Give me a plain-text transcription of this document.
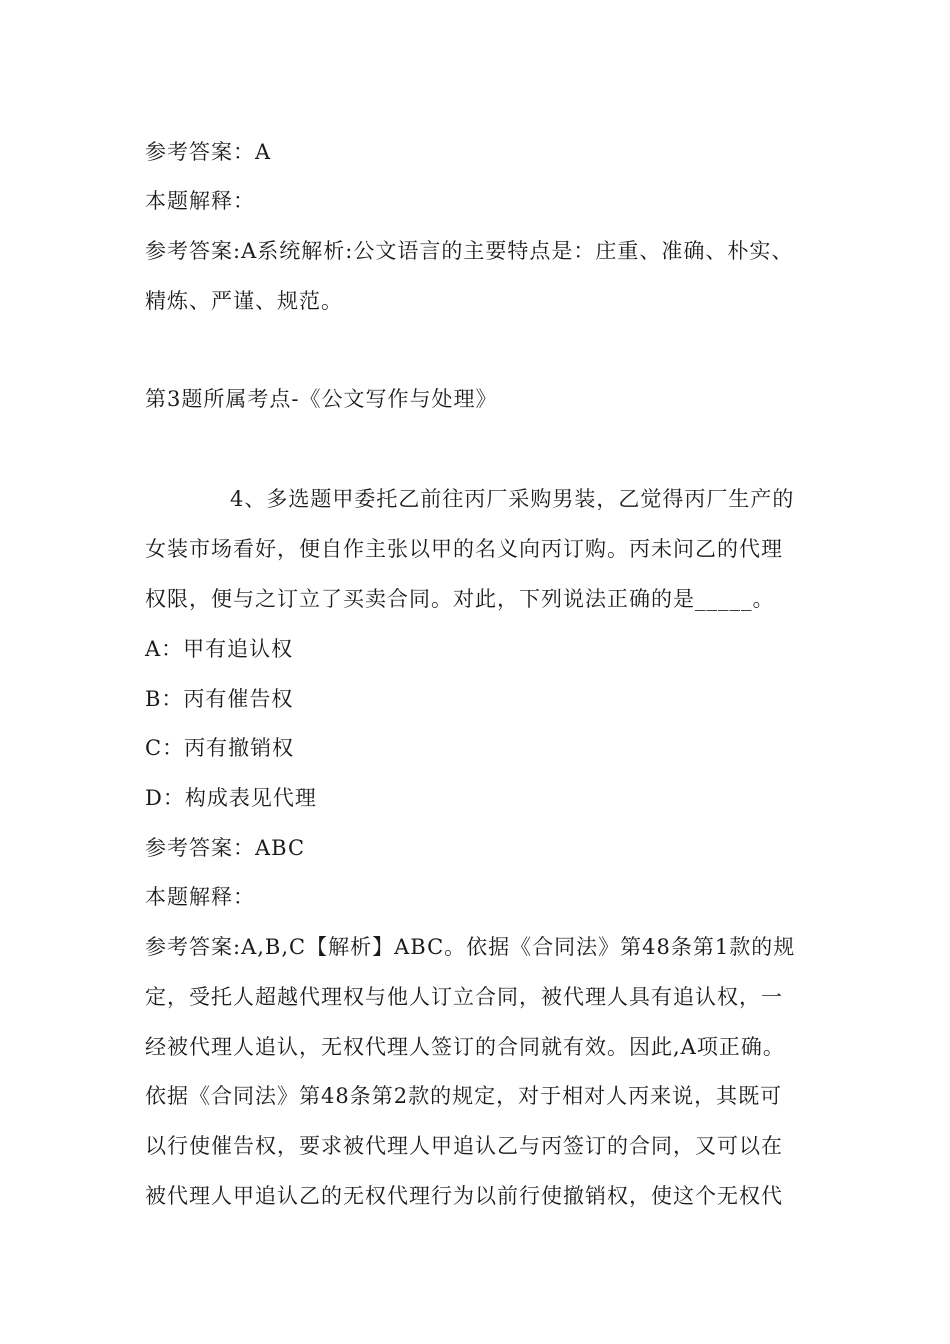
参考答案：A
本题解释：
参考答案:A系统解析:公文语言的主要特点是：庄重、准确、朴实、
精炼、严谨、规范。
第3题所属考点-《公文写作与处理》
4、多选题甲委托乙前往丙厂采购男装，乙觉得丙厂生产的
女装市场看好，便自作主张以甲的名义向丙订购。丙未问乙的代理
权限，便与之订立了买卖合同。对此，下列说法正确的是_____。
A：甲有追认权
B：丙有催告权
C：丙有撤销权
D：构成表见代理
参考答案：ABC
本题解释：
参考答案:A,B,C【解析】ABC。依据《合同法》第48条第1款的规
定，受托人超越代理权与他人订立合同，被代理人具有追认权，一
经被代理人追认，无权代理人签订的合同就有效。因此,A项正确。
依据《合同法》第48条第2款的规定，对于相对人丙来说，其既可
以行使催告权，要求被代理人甲追认乙与丙签订的合同，又可以在
被代理人甲追认乙的无权代理行为以前行使撤销权，使这个无权代
